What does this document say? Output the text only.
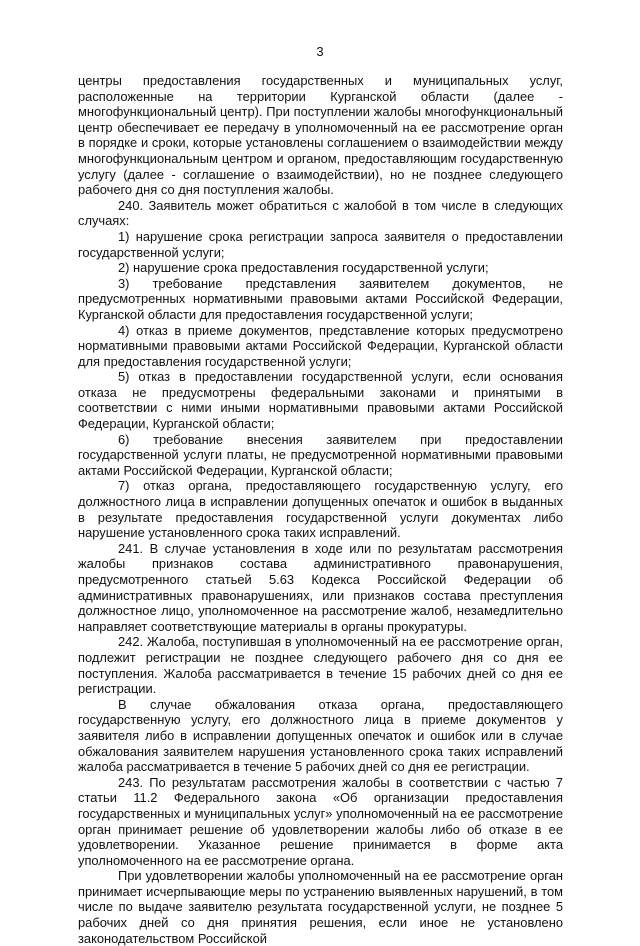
3

центры предоставления государственных и муниципальных услуг, расположенные на территории Курганской области (далее - многофункциональный центр). При поступлении жалобы многофункциональный центр обеспечивает ее передачу в уполномоченный на ее рассмотрение орган в порядке и сроки, которые установлены соглашением о взаимодействии между многофункциональным центром и органом, предоставляющим государственную услугу (далее - соглашение о взаимодействии), но не позднее следующего рабочего дня со дня поступления жалобы.

240. Заявитель может обратиться с жалобой в том числе в следующих случаях:

1) нарушение срока регистрации запроса заявителя о предоставлении государственной услуги;

2) нарушение срока предоставления государственной услуги;

3) требование представления заявителем документов, не предусмотренных нормативными правовыми актами Российской Федерации, Курганской области для предоставления государственной услуги;

4) отказ в приеме документов, представление которых предусмотрено нормативными правовыми актами Российской Федерации, Курганской области для предоставления государственной услуги;

5) отказ в предоставлении государственной услуги, если основания отказа не предусмотрены федеральными законами и принятыми в соответствии с ними иными нормативными правовыми актами Российской Федерации, Курганской области;

6) требование внесения заявителем при предоставлении государственной услуги платы, не предусмотренной нормативными правовыми актами Российской Федерации, Курганской области;

7) отказ органа, предоставляющего государственную услугу, его должностного лица в исправлении допущенных опечаток и ошибок в выданных в результате предоставления государственной услуги документах либо нарушение установленного срока таких исправлений.

241. В случае установления в ходе или по результатам рассмотрения жалобы признаков состава административного правонарушения, предусмотренного статьей 5.63 Кодекса Российской Федерации об административных правонарушениях, или признаков состава преступления должностное лицо, уполномоченное на рассмотрение жалоб, незамедлительно направляет соответствующие материалы в органы прокуратуры.

242. Жалоба, поступившая в уполномоченный на ее рассмотрение орган, подлежит регистрации не позднее следующего рабочего дня со дня ее поступления. Жалоба рассматривается в течение 15 рабочих дней со дня ее регистрации.

В случае обжалования отказа органа, предоставляющего государственную услугу, его должностного лица в приеме документов у заявителя либо в исправлении допущенных опечаток и ошибок или в случае обжалования заявителем нарушения установленного срока таких исправлений жалоба рассматривается в течение 5 рабочих дней со дня ее регистрации.

243. По результатам рассмотрения жалобы в соответствии с частью 7 статьи 11.2 Федерального закона «Об организации предоставления государственных и муниципальных услуг» уполномоченный на ее рассмотрение орган принимает решение об удовлетворении жалобы либо об отказе в ее удовлетворении. Указанное решение принимается в форме акта уполномоченного на ее рассмотрение органа.

При удовлетворении жалобы уполномоченный на ее рассмотрение орган принимает исчерпывающие меры по устранению выявленных нарушений, в том числе по выдаче заявителю результата государственной услуги, не позднее 5 рабочих дней со дня принятия решения, если иное не установлено законодательством Российской
